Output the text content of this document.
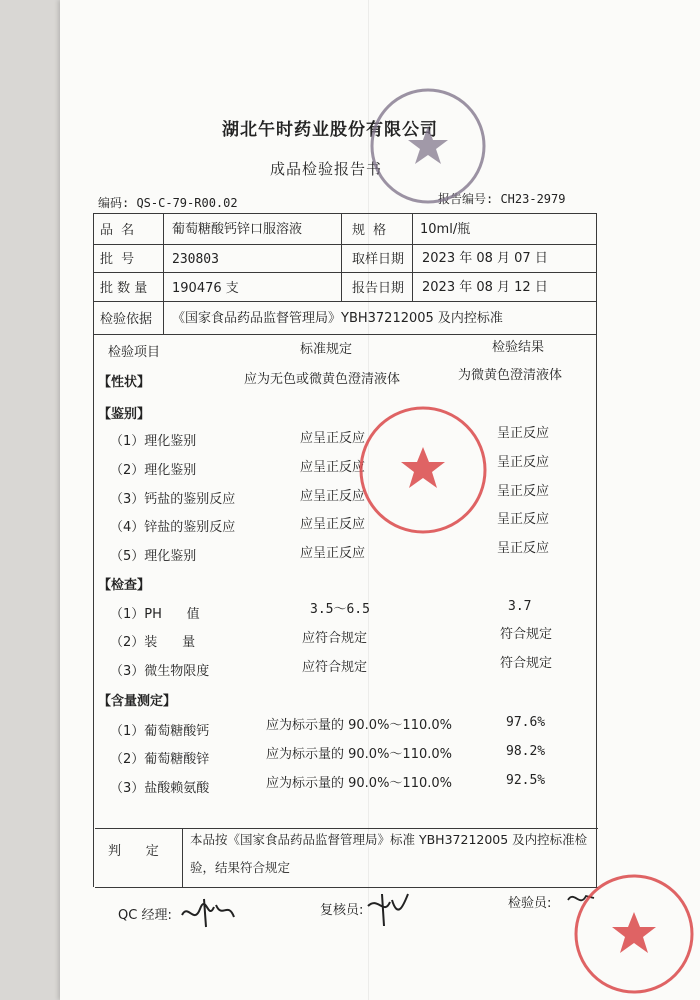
湖北午时药业股份有限公司
成品检验报告书
编码: QS-C-79-R00.02	报告编号: CH23-2979
品 名	葡萄糖酸钙锌口服溶液	规 格 10ml/瓶
批 号	230803	取样日期 2023 年 08 月 07 日
批 数 量 190476 支	报告日期 2023 年 08 月 12 日
检验依据 《国家食品药品监督管理局》YBH37212005 及内控标准
检验项目	标准规定	检验结果
【性状】	应为无色或微黄色澄清液体	为微黄色澄清液体
【鉴别】
（1）理化鉴别	应呈正反应	呈正反应
（2）理化鉴别	应呈正反应	呈正反应
（3）钙盐的鉴别反应	应呈正反应	呈正反应
（4）锌盐的鉴别反应	应呈正反应	呈正反应
（5）理化鉴别	应呈正反应	呈正反应
【检查】
（1）PH      值	3.5～6.5	3.7
（2）装      量	应符合规定	符合规定
（3）微生物限度	应符合规定	符合规定
【含量测定】
（1）葡萄糖酸钙	应为标示量的 90.0%～110.0%	97.6%
（2）葡萄糖酸锌	应为标示量的 90.0%～110.0%	98.2%
（3）盐酸赖氨酸	应为标示量的 90.0%～110.0%	92.5%
判      定
本品按《国家食品药品监督管理局》标准 YBH37212005 及内控标准检
验，结果符合规定
QC 经理:	复核员:	检验员:
